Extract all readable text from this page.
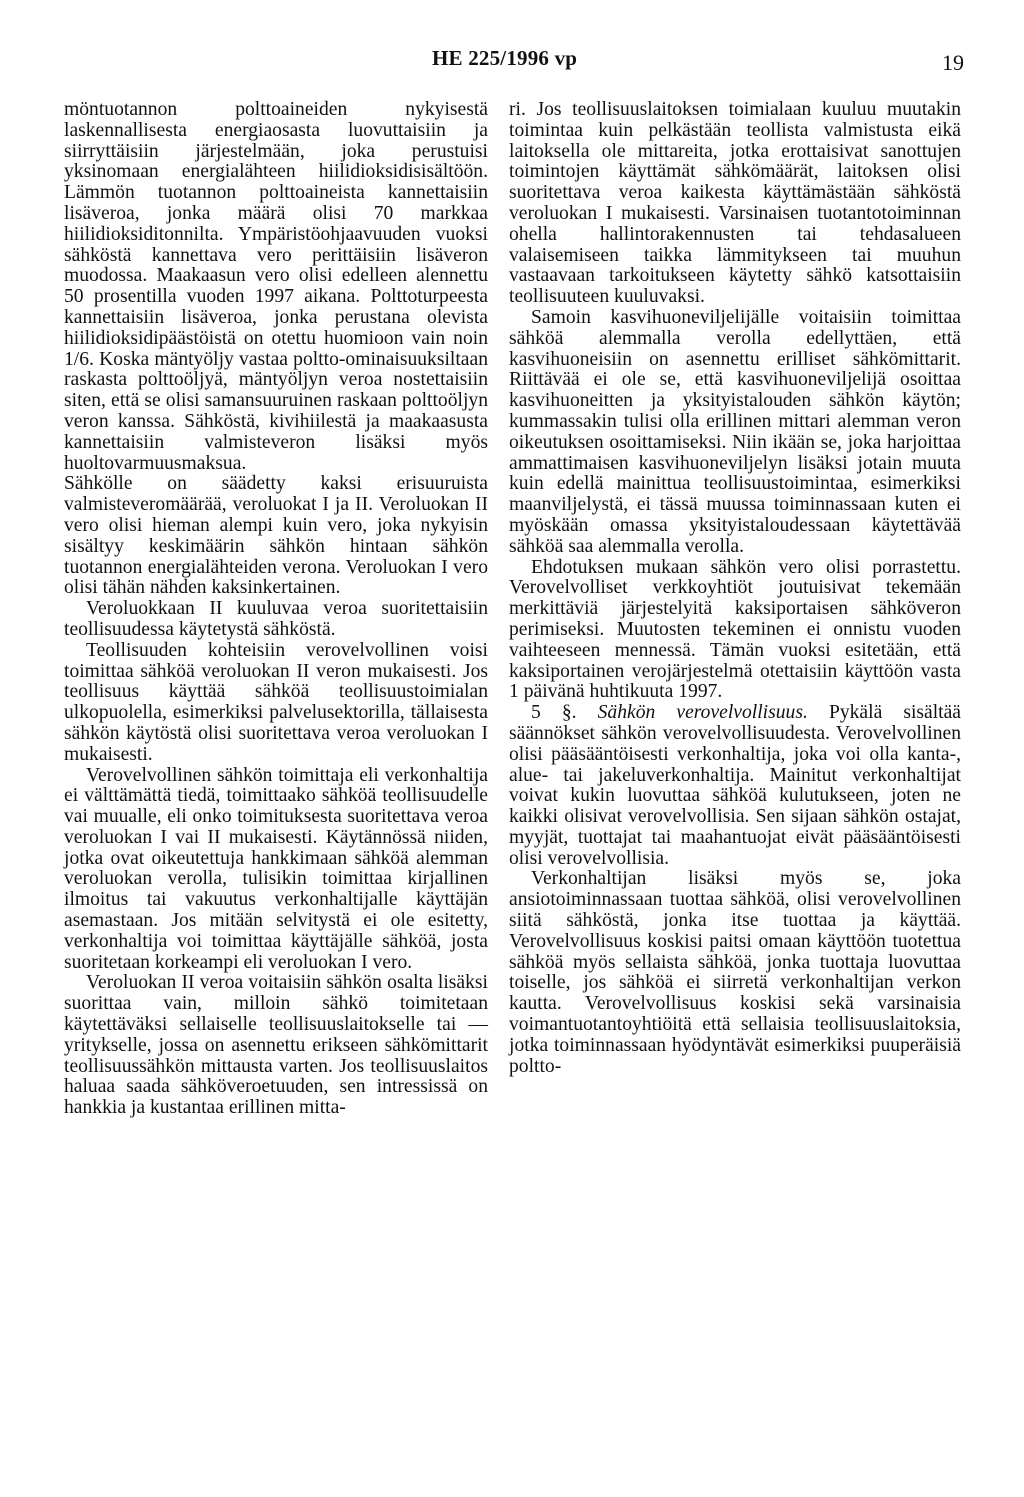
HE 225/1996 vp	19

möntuotannon polttoaineiden nykyisestä laskennallisesta energiaosasta luovuttaisiin ja siirryttäisiin järjestelmään, joka perustuisi yksinomaan energialähteen hiilidioksidisisältöön. Lämmön tuotannon polttoaineista kannettaisiin lisäveroa, jonka määrä olisi 70 markkaa hiilidioksiditonnilta. Ympäristöohjaavuuden vuoksi sähköstä kannettava vero perittäisiin lisäveron muodossa. Maakaasun vero olisi edelleen alennettu 50 prosentilla vuoden 1997 aikana. Polttoturpeesta kannettaisiin lisäveroa, jonka perustana olevista hiilidioksidipäästöistä on otettu huomioon vain noin 1/6. Koska mäntyöljy vastaa poltto-ominaisuuksiltaan raskasta polttoöljyä, mäntyöljyn veroa nostettaisiin siten, että se olisi samansuuruinen raskaan polttoöljyn veron kanssa. Sähköstä, kivihiilestä ja maakaasusta kannettaisiin valmisteveron lisäksi myös huoltovarmuusmaksua.

Sähkölle on säädetty kaksi erisuuruista valmisteveromäärää, veroluokat I ja II. Veroluokan II vero olisi hieman alempi kuin vero, joka nykyisin sisältyy keskimäärin sähkön hintaan sähkön tuotannon energialähteiden verona. Veroluokan I vero olisi tähän nähden kaksinkertainen.

Veroluokkaan II kuuluvaa veroa suoritettaisiin teollisuudessa käytetystä sähköstä.

Teollisuuden kohteisiin verovelvollinen voisi toimittaa sähköä veroluokan II veron mukaisesti. Jos teollisuus käyttää sähköä teollisuustoimialan ulkopuolella, esimerkiksi palvelusektorilla, tällaisesta sähkön käytöstä olisi suoritettava veroa veroluokan I mukaisesti.

Verovelvollinen sähkön toimittaja eli verkonhaltija ei välttämättä tiedä, toimittaako sähköä teollisuudelle vai muualle, eli onko toimituksesta suoritettava veroa veroluokan I vai II mukaisesti. Käytännössä niiden, jotka ovat oikeutettuja hankkimaan sähköä alemman veroluokan verolla, tulisikin toimittaa kirjallinen ilmoitus tai vakuutus verkonhaltijalle käyttäjän asemastaan. Jos mitään selvitystä ei ole esitetty, verkonhaltija voi toimittaa käyttäjälle sähköä, josta suoritetaan korkeampi eli veroluokan I vero.

Veroluokan II veroa voitaisiin sähkön osalta lisäksi suorittaa vain, milloin sähkö toimitetaan käytettäväksi sellaiselle teollisuuslaitokselle tai — yritykselle, jossa on asennettu erikseen sähkömittarit teollisuussähkön mittausta varten. Jos teollisuuslaitos haluaa saada sähköveroetuuden, sen intressissä on hankkia ja kustantaa erillinen mitta-

ri. Jos teollisuuslaitoksen toimialaan kuuluu muutakin toimintaa kuin pelkästään teollista valmistusta eikä laitoksella ole mittareita, jotka erottaisivat sanottujen toimintojen käyttämät sähkömäärät, laitoksen olisi suoritettava veroa kaikesta käyttämästään sähköstä veroluokan I mukaisesti. Varsinaisen tuotantotoiminnan ohella hallintorakennusten tai tehdasalueen valaisemiseen taikka lämmitykseen tai muuhun vastaavaan tarkoitukseen käytetty sähkö katsottaisiin teollisuuteen kuuluvaksi.

Samoin kasvihuoneviljelijälle voitaisiin toimittaa sähköä alemmalla verolla edellyttäen, että kasvihuoneisiin on asennettu erilliset sähkömittarit. Riittävää ei ole se, että kasvihuoneviljelijä osoittaa kasvihuoneitten ja yksityistalouden sähkön käytön; kummassakin tulisi olla erillinen mittari alemman veron oikeutuksen osoittamiseksi. Niin ikään se, joka harjoittaa ammattimaisen kasvihuoneviljelyn lisäksi jotain muuta kuin edellä mainittua teollisuustoimintaa, esimerkiksi maanviljelystä, ei tässä muussa toiminnassaan kuten ei myöskään omassa yksityistaloudessaan käytettävää sähköä saa alemmalla verolla.

Ehdotuksen mukaan sähkön vero olisi porrastettu. Verovelvolliset verkkoyhtiöt joutuisivat tekemään merkittäviä järjestelyitä kaksiportaisen sähköveron perimiseksi. Muutosten tekeminen ei onnistu vuoden vaihteeseen mennessä. Tämän vuoksi esitetään, että kaksiportainen verojärjestelmä otettaisiin käyttöön vasta 1 päivänä huhtikuuta 1997.

5 §. Sähkön verovelvollisuus. Pykälä sisältää säännökset sähkön verovelvollisuudesta. Verovelvollinen olisi pääsääntöisesti verkonhaltija, joka voi olla kanta-, alue- tai jakeluverkonhaltija. Mainitut verkonhaltijat voivat kukin luovuttaa sähköä kulutukseen, joten ne kaikki olisivat verovelvollisia. Sen sijaan sähkön ostajat, myyjät, tuottajat tai maahantuojat eivät pääsääntöisesti olisi verovelvollisia.

Verkonhaltijan lisäksi myös se, joka ansiotoiminnassaan tuottaa sähköä, olisi verovelvollinen siitä sähköstä, jonka itse tuottaa ja käyttää. Verovelvollisuus koskisi paitsi omaan käyttöön tuotettua sähköä myös sellaista sähköä, jonka tuottaja luovuttaa toiselle, jos sähköä ei siirretä verkonhaltijan verkon kautta. Verovelvollisuus koskisi sekä varsinaisia voimantuotantoyhtiöitä että sellaisia teollisuuslaitoksia, jotka toiminnassaan hyödyntävät esimerkiksi puuperäisiä poltto-
